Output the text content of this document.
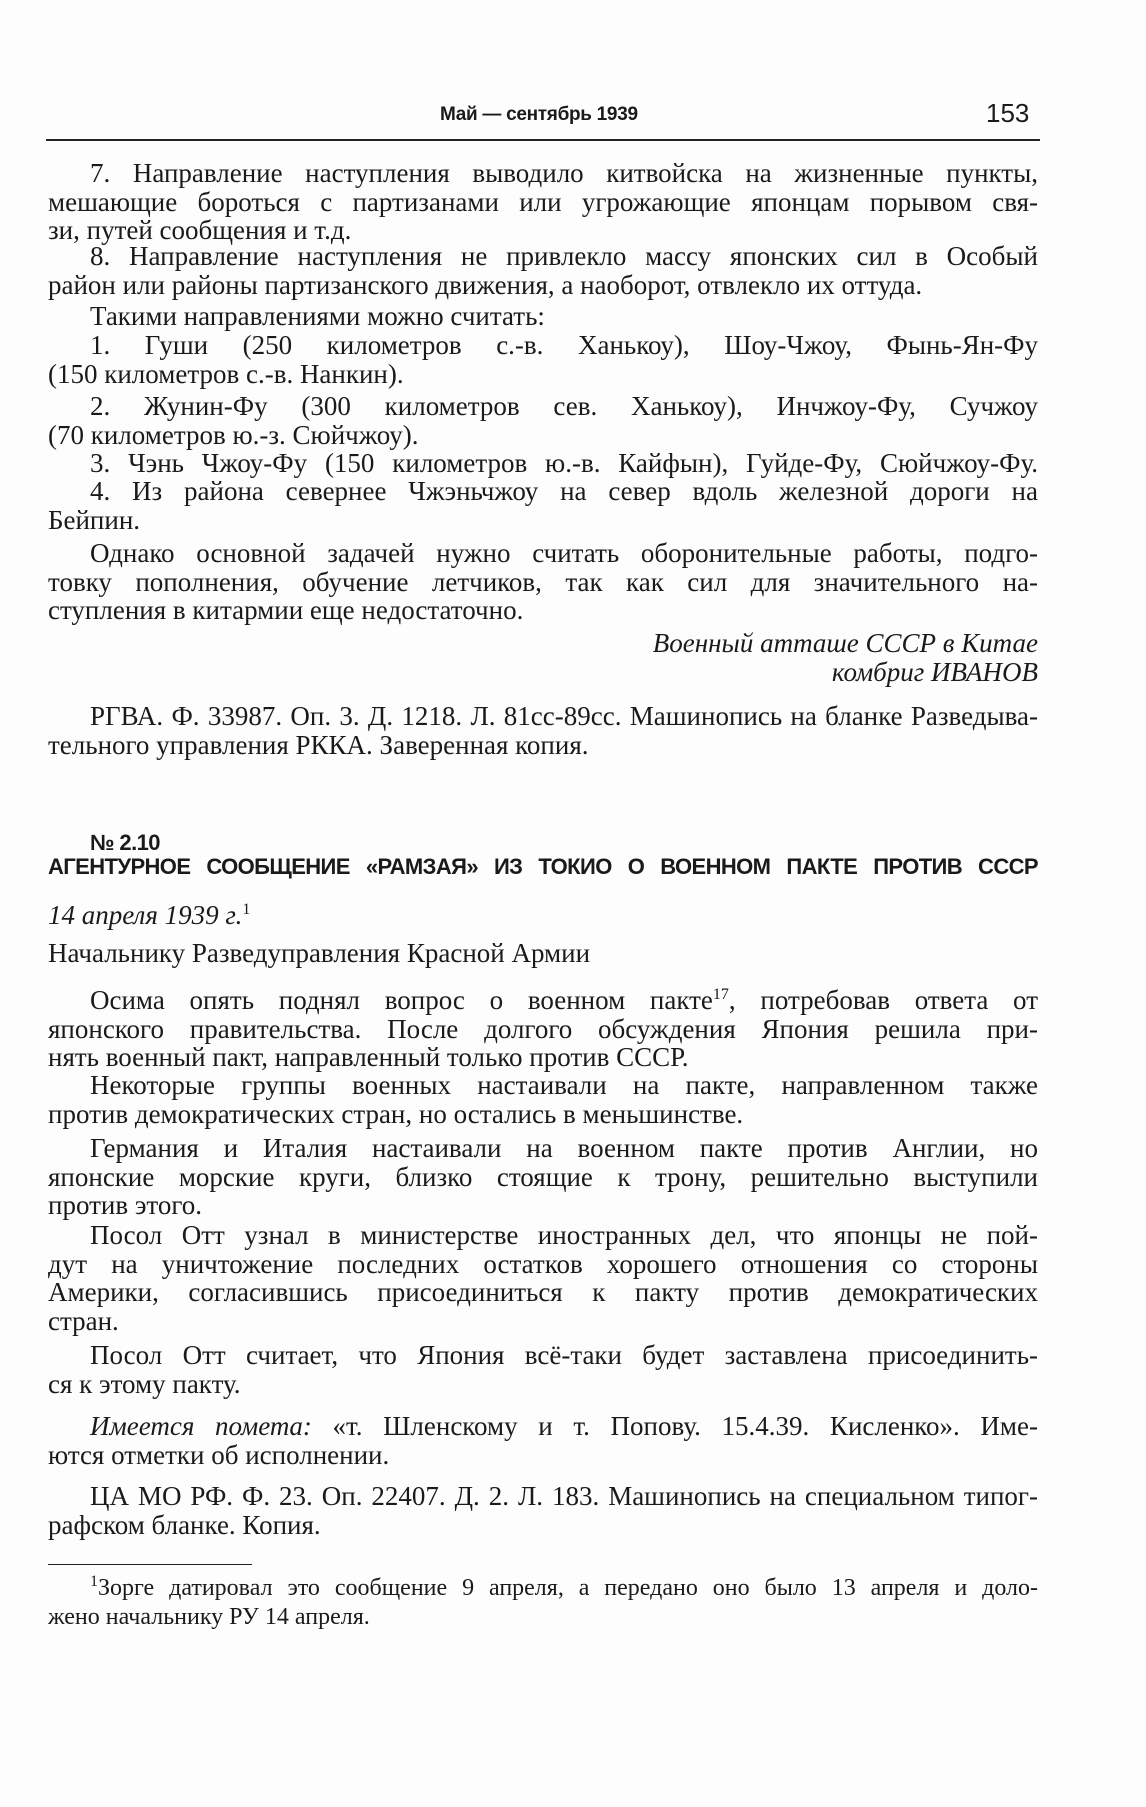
Май — сентябрь 1939	153
7. Направление наступления выводило китвойска на жизненные пункты,
мешающие бороться с партизанами или угрожающие японцам порывом свя-
зи, путей сообщения и т.д.
8. Направление наступления не привлекло массу японских сил в Особый
район или районы партизанского движения, а наоборот, отвлекло их оттуда.
Такими направлениями можно считать:
1. Гуши (250 километров с.-в. Ханькоу), Шоу-Чжоу, Фынь-Ян-Фу
(150 километров с.-в. Нанкин).
2. Жунин-Фу (300 километров сев. Ханькоу), Инчжоу-Фу, Сучжоу
(70 километров ю.-з. Сюйчжоу).
3. Чэнь Чжоу-Фу (150 километров ю.-в. Кайфын), Гуйде-Фу, Сюйчжоу-Фу.
4. Из района севернее Чжэньчжоу на север вдоль железной дороги на
Бейпин.
Однако основной задачей нужно считать оборонительные работы, подго-
товку пополнения, обучение летчиков, так как сил для значительного на-
ступления в китармии еще недостаточно.
Военный атташе СССР в Китае
комбриг ИВАНОВ
РГВА. Ф. 33987. Оп. 3. Д. 1218. Л. 81сс-89сс. Машинопись на бланке Разведыва-
тельного управления РККА. Заверенная копия.
№ 2.10
АГЕНТУРНОЕ СООБЩЕНИЕ «РАМЗАЯ» ИЗ ТОКИО О ВОЕННОМ ПАКТЕ ПРОТИВ СССР
14 апреля 1939 г.$^1$
Начальнику Разведуправления Красной Армии
Осима опять поднял вопрос о военном пакте$^{17}$, потребовав ответа от
японского правительства. После долгого обсуждения Япония решила при-
нять военный пакт, направленный только против СССР.
Некоторые группы военных настаивали на пакте, направленном также
против демократических стран, но остались в меньшинстве.
Германия и Италия настаивали на военном пакте против Англии, но
японские морские круги, близко стоящие к трону, решительно выступили
против этого.
Посол Отт узнал в министерстве иностранных дел, что японцы не пой-
дут на уничтожение последних остатков хорошего отношения со стороны
Америки, согласившись присоединиться к пакту против демократических
стран.
Посол Отт считает, что Япония всё-таки будет заставлена присоединить-
ся к этому пакту.
Имеется пометa: «т. Шленскому и т. Попову. 15.4.39. Кисленко». Име-
ются отметки об исполнении.
ЦА МО РФ. Ф. 23. Оп. 22407. Д. 2. Л. 183. Машинопись на специальном типог-
рафском бланке. Копия.
$^1$Зорге датировал это сообщение 9 апреля, а передано оно было 13 апреля и доло-
жено начальнику РУ 14 апреля.
